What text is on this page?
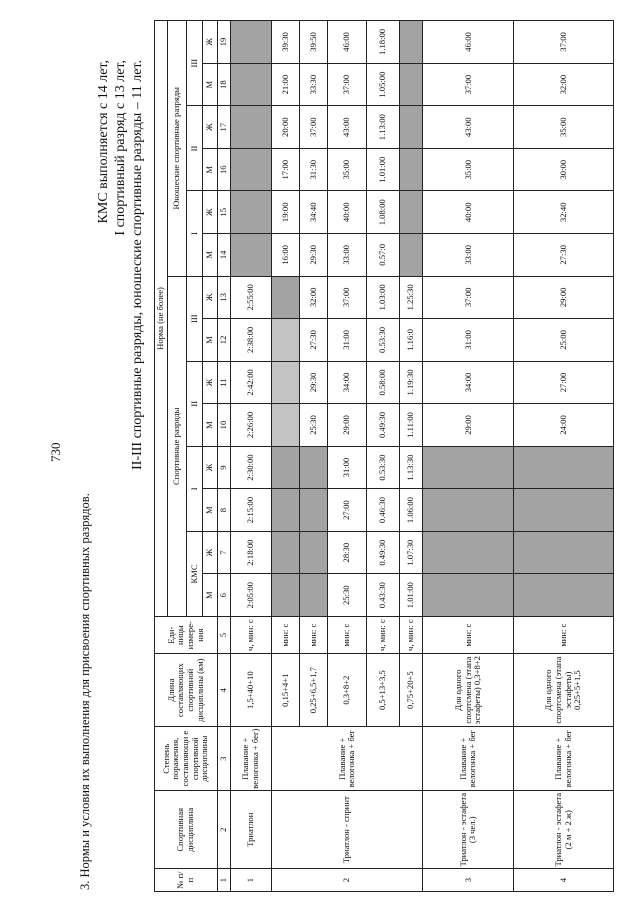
730
3. Нормы и условия их выполнения для присвоения спортивных разрядов.
КМС выполняется с 14 лет, I спортивный разряд с 13 лет, II-III спортивные разряды, юношеские спортивные разряды – 11 лет.
№ п/п	Спортивная дисциплина	Степень поражения, составляющи е спортивной дисциплины	Длина составляющих спортивной дисциплины (км)	Еди- ницы измере- ния	Норма (не более)													
					Спортивные разряды								Юношеские спортивные разряды					
					КМС		I		II		III		I		II		III	
					М	Ж	М	Ж	М	Ж	М	Ж	М	Ж	М	Ж	М	Ж
1	2	3	4	5	6	7	8	9	10	11	12	13	14	15	16	17	18	19
1	Триатлон	Плавание + велогонка + бег)	1,5+40+10	ч, мин: с	2:05:00	2:18:00	2:15:00	2:30:00	2:26:00	2:42:00	2:38:00	2:55:00						
2	Триатлон - спринт	Плавание + велогонка + бег	0,15+4+1	мин: с									16:00	19:00	17:00	20:00	21:00	39:30
			0,25+6,5+1,7	мин: с					25:30	29:30	27:30	32:00	29:30	34:40	31:30	37:00	33:30	39:50
			0,3+8+2	мин: с	25:30	28:30	27:00	31:00	29:00	34:00	31:00	37:00	33:00	40:00	35:00	43:00	37:00	46:00
			0,5+13+3,5	ч, мин: с	0.43:30	0.49:30	0.46:30	0.53:30	0.49:30	0.58:00	0.53:30	1.03:00	0.57:0	1.08:00	1.01:00	1.13:00	1.05:00	1.18:00
			0,75+20+5	ч, мин: с	1.01:00	1.07:30	1.06:00	1.13:30	1.11:00	1.19:30	1.16:0	1.25:30						
3	Триатлон - эстафета (3 чел.)	Плавание + велогонка + бег	Для одного спортсмена (этапа эстафеты) 0,3+8+2	мин: с					29:00	34:00	31:00	37:00	33:00	40:00	35:00	43:00	37:00	46:00
4	Триатлон - эстафета (2 м + 2 ж)	Плавание + велогонка + бег	Для одного спортсмена (этапа эстафеты) 0,25+5+1,5	мин: с					24:00	27:00	25:00	29:00	27:30	32:40	30:00	35:00	32:00	37:00
